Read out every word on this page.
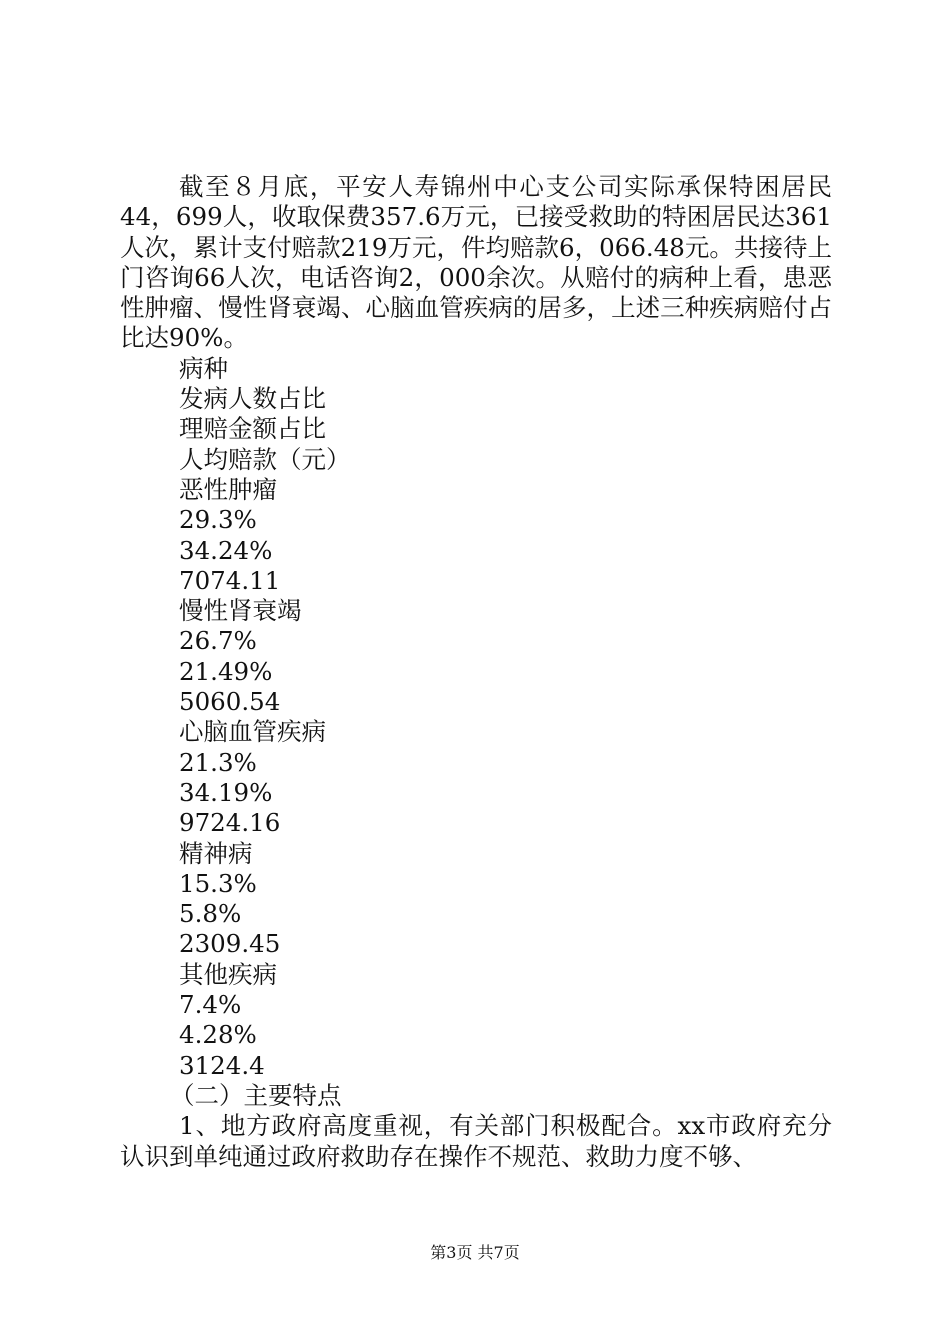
截至８月底，平安人寿锦州中心支公司实际承保特困居民44，699人，收取保费357.6万元，已接受救助的特困居民达361人次，累计支付赔款219万元，件均赔款6，066.48元。共接待上门咨询66人次，电话咨询2，000余次。从赔付的病种上看，患恶性肿瘤、慢性肾衰竭、心脑血管疾病的居多，上述三种疾病赔付占比达90%。

病种

发病人数占比

理赔金额占比

人均赔款（元）

恶性肿瘤

29.3%

34.24%

7074.11

慢性肾衰竭

26.7%

21.49%

5060.54

心脑血管疾病

21.3%

34.19%

9724.16

精神病

15.3%

5.8%

2309.45

其他疾病

7.4%

4.28%

3124.4

（二）主要特点

1、地方政府高度重视，有关部门积极配合。xx市政府充分认识到单纯通过政府救助存在操作不规范、救助力度不够、

第3页 共7页
